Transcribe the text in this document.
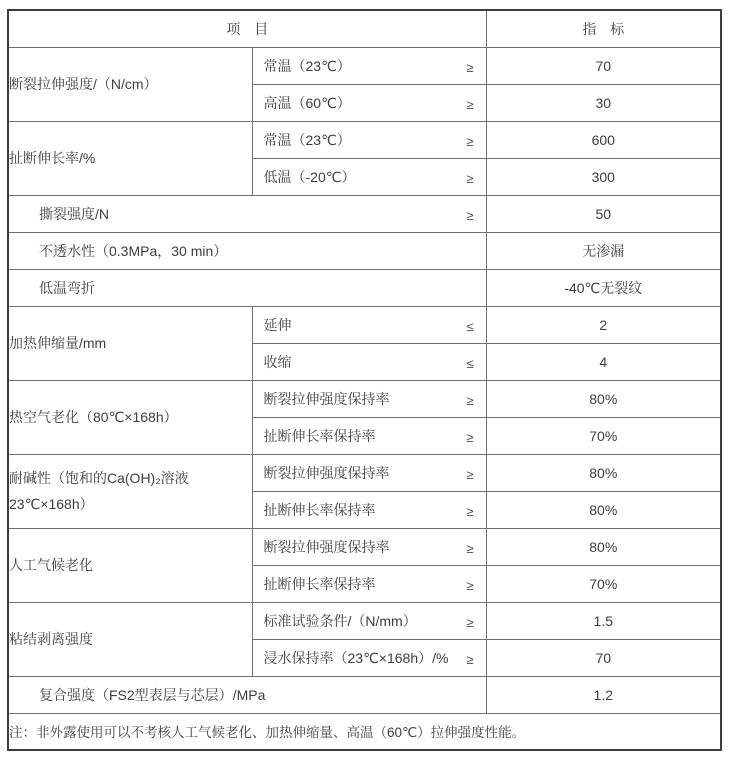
项 目		指 标
断裂拉伸强度/（N/cm）	常温（23℃） ≥	70

	高温（60℃） ≥	30
扯断伸长率/%	常温（23℃） ≥	600

	低温（-20℃） ≥	300

撕裂强度/N ≥		50

不透水性（0.3MPa，30 min）		无渗漏

低温弯折		-40℃无裂纹
加热伸缩量/mm	延伸 ≤	2

	收缩 ≤	4
热空气老化（80℃×168h）	断裂拉伸强度保持率 ≥	80%

	扯断伸长率保持率 ≥	70%
耐碱性（饱和的Ca(OH)₂溶液 23℃×168h）	断裂拉伸强度保持率 ≥	80%

	扯断伸长率保持率 ≥	80%
人工气候老化	断裂拉伸强度保持率 ≥	80%

	扯断伸长率保持率 ≥	70%
粘结剥离强度	标准试验条件/（N/mm） ≥	1.5

	浸水保持率（23℃×168h）/% ≥	70

复合强度（FS2型表层与芯层）/MPa		1.2
注：非外露使用可以不考核人工气候老化、加热伸缩量、高温（60℃）拉伸强度性能。		
